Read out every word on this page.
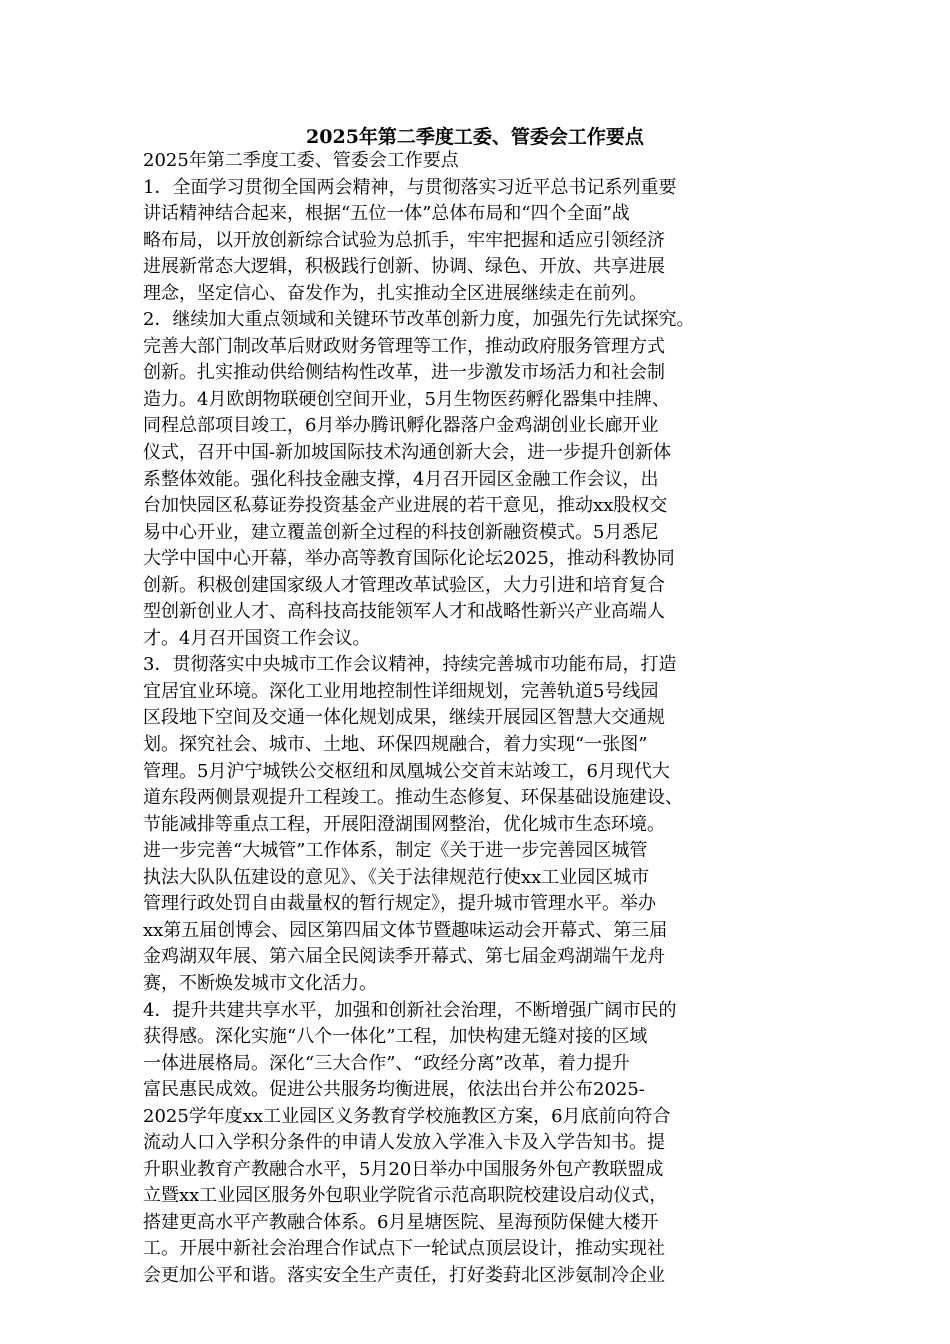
2025年第二季度工委、管委会工作要点
2025年第二季度工委、管委会工作要点
1．全面学习贯彻全国两会精神，与贯彻落实习近平总书记系列重要
讲话精神结合起来，根据“五位一体”总体布局和“四个全面”战
略布局，以开放创新综合试验为总抓手，牢牢把握和适应引领经济
进展新常态大逻辑，积极践行创新、协调、绿色、开放、共享进展
理念，坚定信心、奋发作为，扎实推动全区进展继续走在前列。
2．继续加大重点领域和关键环节改革创新力度，加强先行先试探究。
完善大部门制改革后财政财务管理等工作，推动政府服务管理方式
创新。扎实推动供给侧结构性改革，进一步激发市场活力和社会制
造力。4月欧朗物联硬创空间开业，5月生物医药孵化器集中挂牌、
同程总部项目竣工，6月举办腾讯孵化器落户金鸡湖创业长廊开业
仪式，召开中国-新加坡国际技术沟通创新大会，进一步提升创新体
系整体效能。强化科技金融支撑，4月召开园区金融工作会议，出
台加快园区私募证券投资基金产业进展的若干意见，推动xx股权交
易中心开业，建立覆盖创新全过程的科技创新融资模式。5月悉尼
大学中国中心开幕，举办高等教育国际化论坛2025，推动科教协同
创新。积极创建国家级人才管理改革试验区，大力引进和培育复合
型创新创业人才、高科技高技能领军人才和战略性新兴产业高端人
才。4月召开国资工作会议。
3．贯彻落实中央城市工作会议精神，持续完善城市功能布局，打造
宜居宜业环境。深化工业用地控制性详细规划，完善轨道5号线园
区段地下空间及交通一体化规划成果，继续开展园区智慧大交通规
划。探究社会、城市、土地、环保四规融合，着力实现“一张图”
管理。5月沪宁城铁公交枢纽和凤凰城公交首末站竣工，6月现代大
道东段两侧景观提升工程竣工。推动生态修复、环保基础设施建设、
节能减排等重点工程，开展阳澄湖围网整治，优化城市生态环境。
进一步完善“大城管”工作体系，制定《关于进一步完善园区城管
执法大队队伍建设的意见》、《关于法律规范行使xx工业园区城市
管理行政处罚自由裁量权的暂行规定》，提升城市管理水平。举办
xx第五届创博会、园区第四届文体节暨趣味运动会开幕式、第三届
金鸡湖双年展、第六届全民阅读季开幕式、第七届金鸡湖端午龙舟
赛，不断焕发城市文化活力。
4．提升共建共享水平，加强和创新社会治理，不断增强广阔市民的
获得感。深化实施“八个一体化”工程，加快构建无缝对接的区域
一体进展格局。深化“三大合作”、“政经分离”改革，着力提升
富民惠民成效。促进公共服务均衡进展，依法出台并公布2025-
2025学年度xx工业园区义务教育学校施教区方案，6月底前向符合
流动人口入学积分条件的申请人发放入学准入卡及入学告知书。提
升职业教育产教融合水平，5月20日举办中国服务外包产教联盟成
立暨xx工业园区服务外包职业学院省示范高职院校建设启动仪式，
搭建更高水平产教融合体系。6月星塘医院、星海预防保健大楼开
工。开展中新社会治理合作试点下一轮试点顶层设计，推动实现社
会更加公平和谐。落实安全生产责任，打好娄葑北区涉氨制冷企业
